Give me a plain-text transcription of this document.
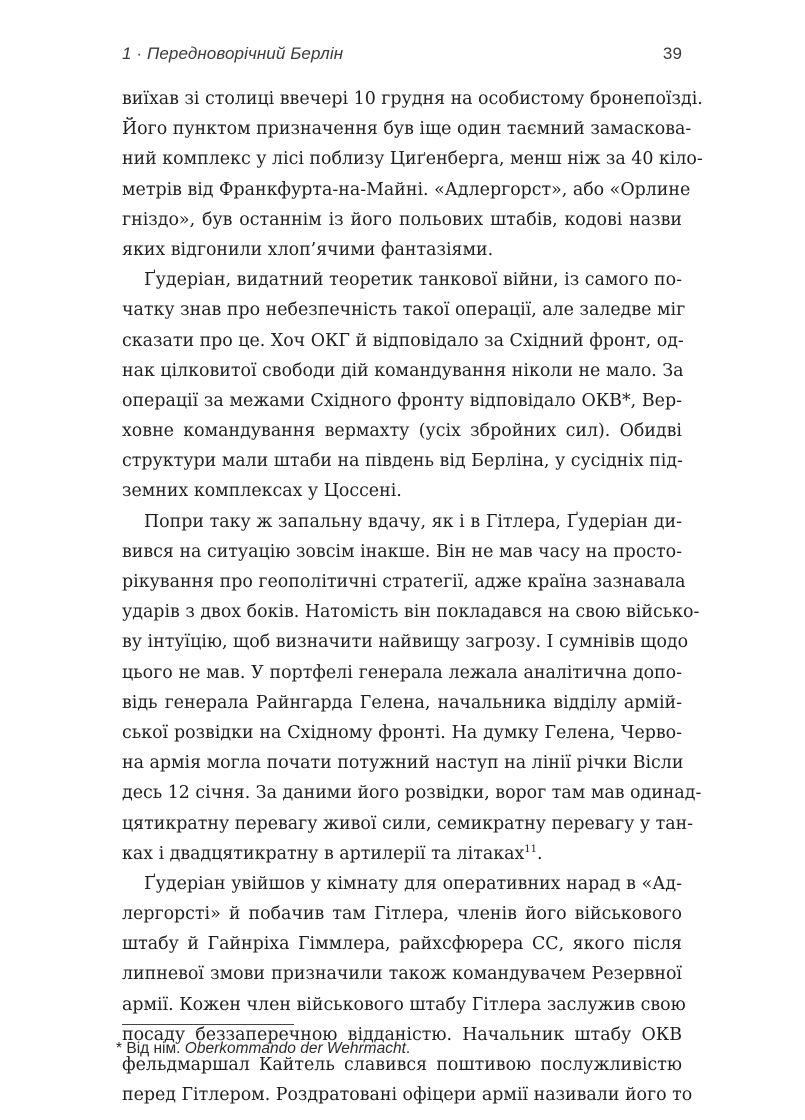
1 · Передноворічний Берлін	39
виїхав зі столиці ввечері 10 грудня на особистому бронепоїзді.
Його пунктом призначення був іще один таємний замаскова-
ний комплекс у лісі поблизу Циґенберга, менш ніж за 40 кіло-
метрів від Франкфурта-на-Майні. «Адлергорст», або «Орлине
гніздо», був останнім із його польових штабів, кодові назви
яких відгонили хлоп’ячими фантазіями.
Ґудеріан, видатний теоретик танкової війни, із самого по-
чатку знав про небезпечність такої операції, але заледве міг
сказати про це. Хоч ОКГ й відповідало за Східний фронт, од-
нак цілковитої свободи дій командування ніколи не мало. За
операції за межами Східного фронту відповідало ОКВ*, Вер-
ховне командування вермахту (усіх збройних сил). Обидві
структури мали штаби на південь від Берліна, у сусідніх під-
земних комплексах у Цоссені.
Попри таку ж запальну вдачу, як і в Гітлера, Ґудеріан ди-
вився на ситуацію зовсім інакше. Він не мав часу на просто-
рікування про геополітичні стратегії, адже країна зазнавала
ударів з двох боків. Натомість він покладався на свою військо-
ву інтуїцію, щоб визначити найвищу загрозу. І сумнівів щодо
цього не мав. У портфелі генерала лежала аналітична допо-
відь генерала Райнгарда Гелена, начальника відділу армій-
ської розвідки на Східному фронті. На думку Гелена, Черво-
на армія могла почати потужний наступ на лінії річки Вісли
десь 12 січня. За даними його розвідки, ворог там мав одинад-
цятикратну перевагу живої сили, семикратну перевагу у тан-
ках і двадцятикратну в артилерії та літаках$^{11}$.
Ґудеріан увійшов у кімнату для оперативних нарад в «Ад-
лергорсті» й побачив там Гітлера, членів його військового
штабу й Гайнріха Гіммлера, райхсфюрера СС, якого після
липневої змови призначили також командувачем Резервної
армії. Кожен член військового штабу Гітлера заслужив свою
посаду беззаперечною відданістю. Начальник штабу ОКВ
фельдмаршал Кайтель славився поштивою послужливістю
перед Гітлером. Роздратовані офіцери армії називали його то
* Від нім. Oberkommando der Wehrmacht.
